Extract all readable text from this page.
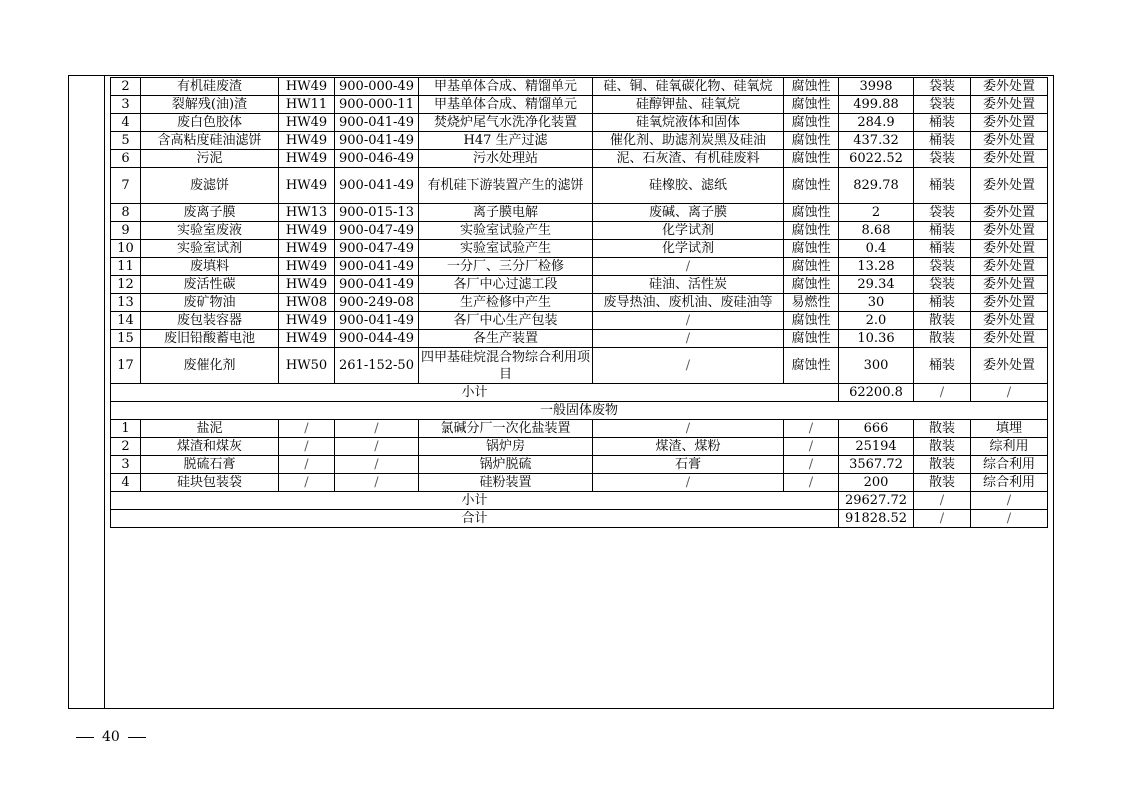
2	有机硅废渣	HW49	900-000-49	甲基单体合成、精馏单元	硅、铜、硅氧碳化物、硅氧烷	腐蚀性	3998	袋装	委外处置
3	裂解残(油)渣	HW11	900-000-11	甲基单体合成、精馏单元	硅醇钾盐、硅氧烷	腐蚀性	499.88	袋装	委外处置
4	废白色胶体	HW49	900-041-49	焚烧炉尾气水洗净化装置	硅氧烷液体和固体	腐蚀性	284.9	桶装	委外处置
5	含高粘度硅油滤饼	HW49	900-041-49	H47 生产过滤	催化剂、助滤剂炭黑及硅油	腐蚀性	437.32	桶装	委外处置
6	污泥	HW49	900-046-49	污水处理站	泥、石灰渣、有机硅废料	腐蚀性	6022.52	袋装	委外处置
7	废滤饼	HW49	900-041-49	有机硅下游装置产生的滤饼	硅橡胶、滤纸	腐蚀性	829.78	桶装	委外处置
8	废离子膜	HW13	900-015-13	离子膜电解	废碱、离子膜	腐蚀性	2	袋装	委外处置
9	实验室废液	HW49	900-047-49	实验室试验产生	化学试剂	腐蚀性	8.68	桶装	委外处置
10	实验室试剂	HW49	900-047-49	实验室试验产生	化学试剂	腐蚀性	0.4	桶装	委外处置
11	废填料	HW49	900-041-49	一分厂、三分厂检修	/	腐蚀性	13.28	袋装	委外处置
12	废活性碳	HW49	900-041-49	各厂中心过滤工段	硅油、活性炭	腐蚀性	29.34	袋装	委外处置
13	废矿物油	HW08	900-249-08	生产检修中产生	废导热油、废机油、废硅油等	易燃性	30	桶装	委外处置
14	废包装容器	HW49	900-041-49	各厂中心生产包装	/	腐蚀性	2.0	散装	委外处置
15	废旧铅酸蓄电池	HW49	900-044-49	各生产装置	/	腐蚀性	10.36	散装	委外处置
17	废催化剂	HW50	261-152-50	四甲基硅烷混合物综合利用项目	/	腐蚀性	300	桶装	委外处置
小计							62200.8	/	/
一般固体废物									
1	盐泥	/	/	氯碱分厂一次化盐装置	/	/	666	散装	填埋
2	煤渣和煤灰	/	/	锅炉房	煤渣、煤粉	/	25194	散装	综利用
3	脱硫石膏	/	/	锅炉脱硫	石膏	/	3567.72	散装	综合利用
4	硅块包装袋	/	/	硅粉装置	/	/	200	散装	综合利用
小计							29627.72	/	/
合计							91828.52	/	/
40
